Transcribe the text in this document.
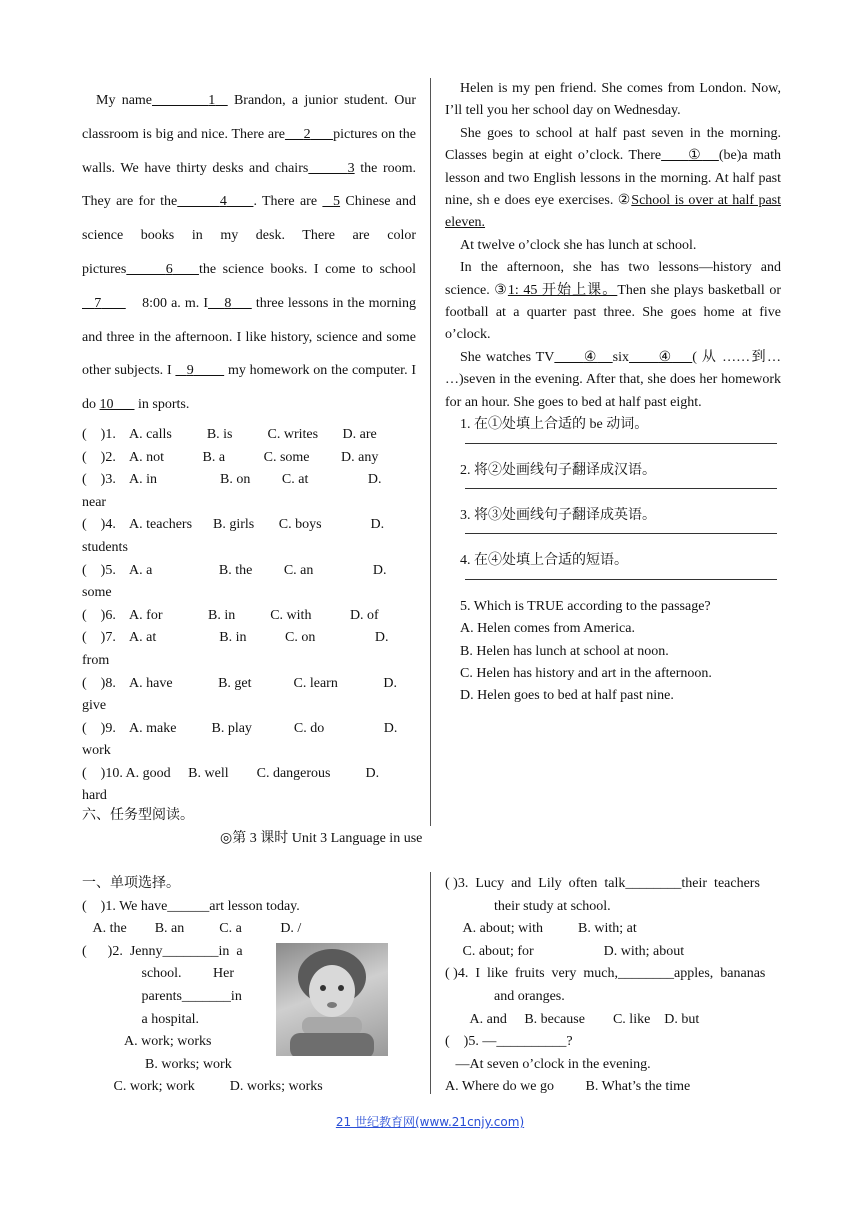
My name	1 Brandon, a junior student. Our classroom is big and nice. There are 2 pictures on the walls. We have thirty desks and chairs	3 the room. They are for the	4 . There are 5 Chinese and science books in my desk. There are color pictures	6 the science books. I come to school    7	8:00 a. m. I 8 three lessons in the morning and three in the afternoon. I like history, science and some other subjects. I 9 my homework on the computer. I do 10 in sports.

(    )1.    A. calls          B. is          C. writes       D. are
(    )2.    A. not           B. a           C. some         D. any
(    )3.    A. in                  B. on         C. at                 D.
near
(    )4.    A. teachers      B. girls       C. boys              D.
students
(    )5.    A. a                   B. the         C. an                 D.
some
(    )6.    A. for             B. in          C. with           D. of
(    )7.    A. at                  B. in           C. on                 D.
from
(    )8.    A. have             B. get            C. learn             D.
give
(    )9.    A. make          B. play            C. do                 D.
work
(    )10. A. good     B. well        C. dangerous          D.
hard

Helen is my pen friend. She comes from London. Now, I’ll tell you her school day on Wednesday.

She goes to school at half past seven in the morning. Classes begin at eight o’clock. There ① (be)a math lesson and two English lessons in the morning. At half past nine, sh e does eye exercises. ②School is over at half past eleven.

At twelve o’clock she has lunch at school.

In the afternoon, she has two lessons—history and science. ③1: 45 开始上课。Then she plays basketball or football at a quarter past three. She goes home at five o’clock.

She watches TV ④ six ④ ( 从 ……到… …)seven in the evening. After that, she does her homework for an hour. She goes to bed at half past eight.

1. 在①处填上合适的 be 动词。
2. 将②处画线句子翻译成汉语。
3. 将③处画线句子翻译成英语。
4. 在④处填上合适的短语。
5. Which is TRUE according to the passage?
A. Helen comes from America.
B. Helen has lunch at school at noon.
C. Helen has history and art in the afternoon.
D. Helen goes to bed at half past nine.
六、任务型阅读。
◎第 3 课时 Unit 3 Language in use
一、单项选择。
(    )1. We have______art lesson today.
A. the        B. an          C. a           D. /
(      )2.  Jenny________in  a
school.         Her
parents_______in
a hospital.
A. work; works
B. works; work
C. work; work          D. works; works
( )3.  Lucy  and  Lily  often  talk________their  teachers
their study at school.
A. about; with          B. with; at
C. about; for                    D. with; about
( )4.  I  like  fruits  very  much,________apples,  bananas
and oranges.
A. and     B. because        C. like    D. but
(    )5. —__________?
—At seven o’clock in the evening.
A. Where do we go         B. What’s the time
21 世纪教育网(www.21cnjy.com)
